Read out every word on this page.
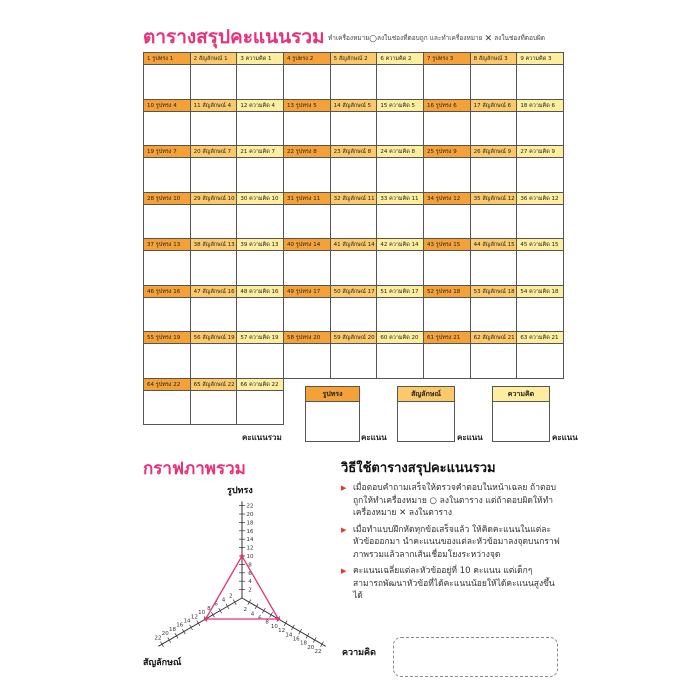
ตารางสรุปคะแนนรวม ทำเครื่องหมาย○ลงในช่องที่ตอบถูก และทำเครื่องหมาย ✕ ลงในช่องที่ตอบผิด
1 รูปทรง 1	2 สัญลักษณ์ 1	3 ความคิด 1	4 รูปทรง 2	5 สัญลักษณ์ 2	6 ความคิด 2	7 รูปทรง 3	8 สัญลักษณ์ 3	9 ความคิด 3
10 รูปทรง 4	11 สัญลักษณ์ 4	12 ความคิด 4	13 รูปทรง 5	14 สัญลักษณ์ 5	15 ความคิด 5	16 รูปทรง 6	17 สัญลักษณ์ 6	18 ความคิด 6
19 รูปทรง 7	20 สัญลักษณ์ 7	21 ความคิด 7	22 รูปทรง 8	23 สัญลักษณ์ 8	24 ความคิด 8	25 รูปทรง 9	26 สัญลักษณ์ 9	27 ความคิด 9
28 รูปทรง 10	29 สัญลักษณ์ 10	30 ความคิด 10	31 รูปทรง 11	32 สัญลักษณ์ 11	33 ความคิด 11	34 รูปทรง 12	35 สัญลักษณ์ 12	36 ความคิด 12
37 รูปทรง 13	38 สัญลักษณ์ 13	39 ความคิด 13	40 รูปทรง 14	41 สัญลักษณ์ 14	42 ความคิด 14	43 รูปทรง 15	44 สัญลักษณ์ 15	45 ความคิด 15
46 รูปทรง 16	47 สัญลักษณ์ 16	48 ความคิด 16	49 รูปทรง 17	50 สัญลักษณ์ 17	51 ความคิด 17	52 รูปทรง 18	53 สัญลักษณ์ 18	54 ความคิด 18
55 รูปทรง 19	56 สัญลักษณ์ 19	57 ความคิด 19	58 รูปทรง 20	59 สัญลักษณ์ 20	60 ความคิด 20	61 รูปทรง 21	62 สัญลักษณ์ 21	63 ความคิด 21
64 รูปทรง 22	65 สัญลักษณ์ 22	66 ความคิด 22
รูปทรง
คะแนนรวม	คะแนน
สัญลักษณ์
คะแนน
ความคิด
คะแนน
กราฟภาพรวม
2
4
6
8
10
12
14
16
18
20
22
2
4
6
8
10
12
14
16
18
20
22
2
4
6
8
10
12
14
16
18
20
22
รูปทรง
สัญลักษณ์
ความคิด
วิธีใช้ตารางสรุปคะแนนรวม
▶ เมื่อตอบคำถามเสร็จให้ตรวจคำตอบในหน้าเฉลย ถ้าตอบถูกให้ทำเครื่องหมาย ○ ลงในตาราง แต่ถ้าตอบผิดให้ทำเครื่องหมาย ✕ ลงในตาราง
▶ เมื่อทำแบบฝึกหัดทุกข้อเสร็จแล้ว ให้คิดคะแนนในแต่ละหัวข้อออกมา นำคะแนนของแต่ละหัวข้อมาลงจุดบนกราฟภาพรวมแล้วลากเส้นเชื่อมโยงระหว่างจุด
▶ คะแนนเฉลี่ยแต่ละหัวข้ออยู่ที่ 10 คะแนน แต่เด็กๆ สามารถพัฒนาหัวข้อที่ได้คะแนนน้อยให้ได้คะแนนสูงขึ้นได้
